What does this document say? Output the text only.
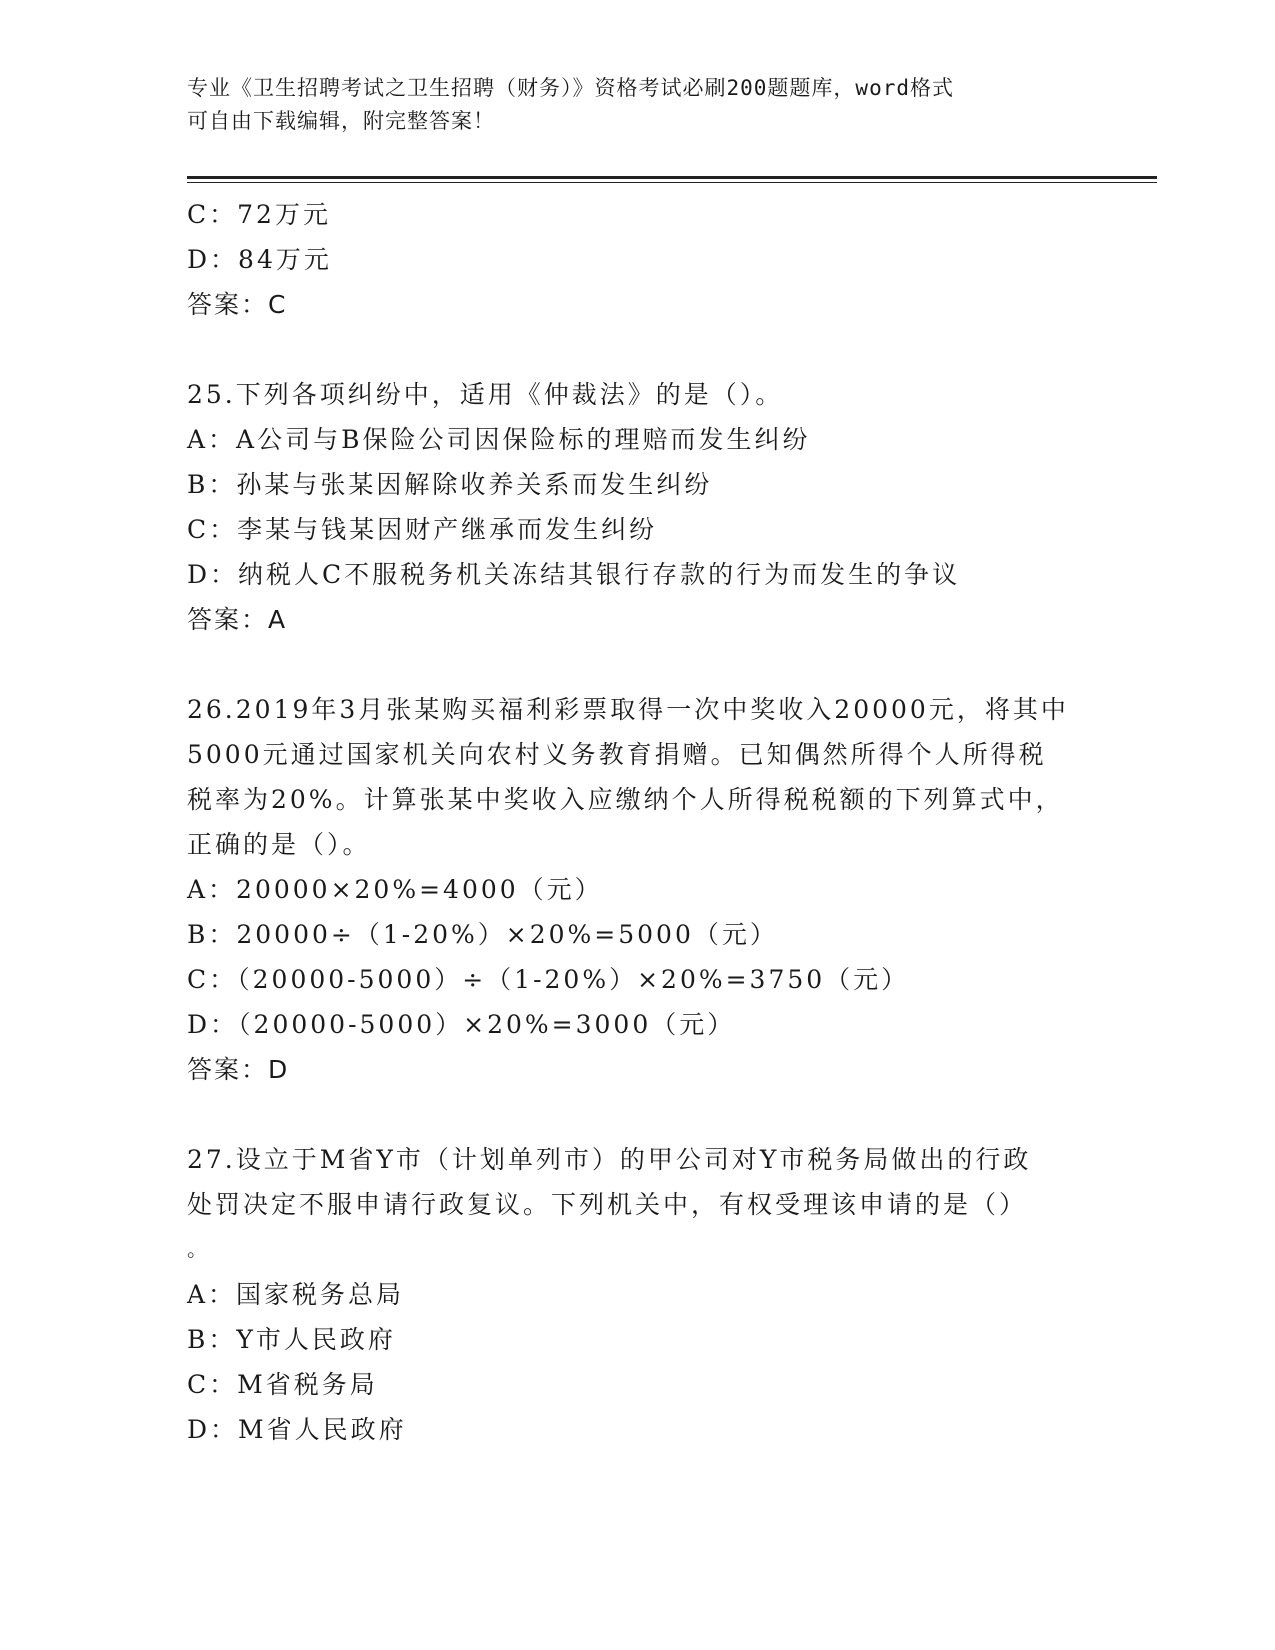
专业《卫生招聘考试之卫生招聘（财务）》资格考试必刷200题题库，word格式
可自由下载编辑，附完整答案！
C：72万元
D：84万元
答案：C
25.下列各项纠纷中，适用《仲裁法》的是（）。
A：A公司与B保险公司因保险标的理赔而发生纠纷
B：孙某与张某因解除收养关系而发生纠纷
C：李某与钱某因财产继承而发生纠纷
D：纳税人C不服税务机关冻结其银行存款的行为而发生的争议
答案：A
26.2019年3月张某购买福利彩票取得一次中奖收入20000元，将其中
5000元通过国家机关向农村义务教育捐赠。已知偶然所得个人所得税
税率为20%。计算张某中奖收入应缴纳个人所得税税额的下列算式中，
正确的是（）。
A：20000×20%=4000（元）
B：20000÷（1-20%）×20%=5000（元）
C：（20000-5000）÷（1-20%）×20%=3750（元）
D：（20000-5000）×20%=3000（元）
答案：D
27.设立于M省Y市（计划单列市）的甲公司对Y市税务局做出的行政
处罚决定不服申请行政复议。下列机关中，有权受理该申请的是（）
。
A：国家税务总局
B：Y市人民政府
C：M省税务局
D：M省人民政府
